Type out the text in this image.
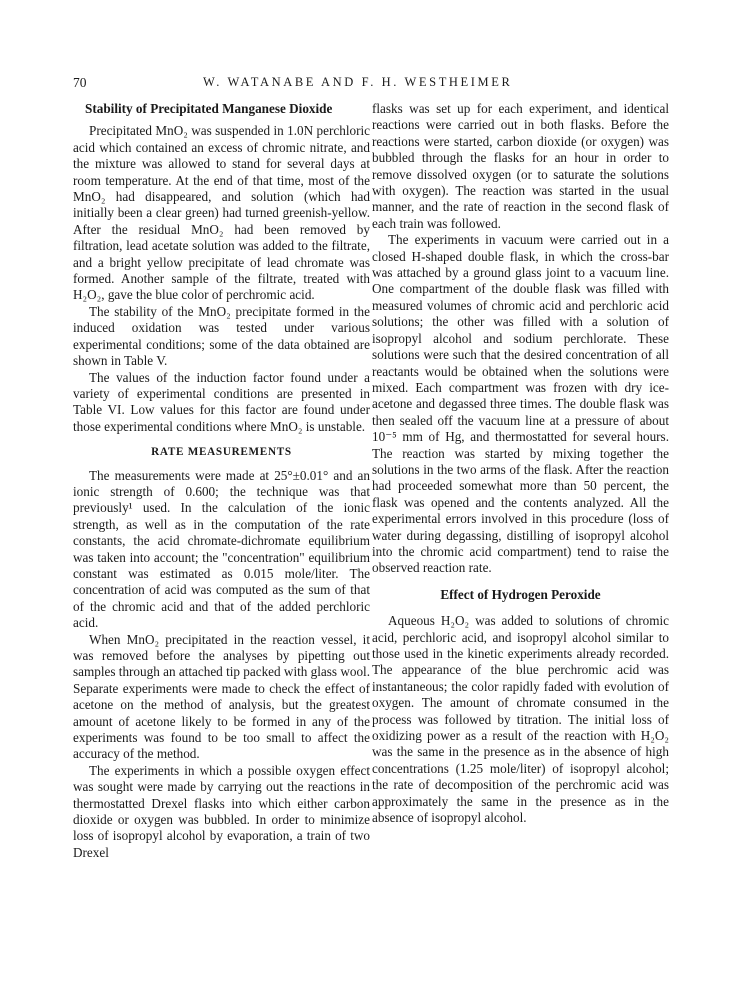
70	W. WATANABE AND F. H. WESTHEIMER
Stability of Precipitated Manganese Dioxide

Precipitated MnO₂ was suspended in 1.0N perchloric acid which contained an excess of chromic nitrate, and the mixture was allowed to stand for several days at room temperature. At the end of that time, most of the MnO₂ had disappeared, and solution (which had initially been a clear green) had turned greenish-yellow. After the residual MnO₂ had been removed by filtration, lead acetate solution was added to the filtrate, and a bright yellow precipitate of lead chromate was formed. Another sample of the filtrate, treated with H₂O₂, gave the blue color of perchromic acid.

The stability of the MnO₂ precipitate formed in the induced oxidation was tested under various experimental conditions; some of the data obtained are shown in Table V.

The values of the induction factor found under a variety of experimental conditions are presented in Table VI. Low values for this factor are found under those experimental conditions where MnO₂ is unstable.

RATE MEASUREMENTS

The measurements were made at 25°±0.01° and an ionic strength of 0.600; the technique was that previously¹ used. In the calculation of the ionic strength, as well as in the computation of the rate constants, the acid chromate-dichromate equilibrium was taken into account; the "concentration" equilibrium constant was estimated as 0.015 mole/liter. The concentration of acid was computed as the sum of that of the chromic acid and that of the added perchloric acid.

When MnO₂ precipitated in the reaction vessel, it was removed before the analyses by pipetting out samples through an attached tip packed with glass wool. Separate experiments were made to check the effect of acetone on the method of analysis, but the greatest amount of acetone likely to be formed in any of the experiments was found to be too small to affect the accuracy of the method.

The experiments in which a possible oxygen effect was sought were made by carrying out the reactions in thermostatted Drexel flasks into which either carbon dioxide or oxygen was bubbled. In order to minimize loss of isopropyl alcohol by evaporation, a train of two Drexel

flasks was set up for each experiment, and identical reactions were carried out in both flasks. Before the reactions were started, carbon dioxide (or oxygen) was bubbled through the flasks for an hour in order to remove dissolved oxygen (or to saturate the solutions with oxygen). The reaction was started in the usual manner, and the rate of reaction in the second flask of each train was followed.

The experiments in vacuum were carried out in a closed H-shaped double flask, in which the cross-bar was attached by a ground glass joint to a vacuum line. One compartment of the double flask was filled with measured volumes of chromic acid and perchloric acid solutions; the other was filled with a solution of isopropyl alcohol and sodium perchlorate. These solutions were such that the desired concentration of all reactants would be obtained when the solutions were mixed. Each compartment was frozen with dry ice-acetone and degassed three times. The double flask was then sealed off the vacuum line at a pressure of about 10⁻⁵ mm of Hg, and thermostatted for several hours. The reaction was started by mixing together the solutions in the two arms of the flask. After the reaction had proceeded somewhat more than 50 percent, the flask was opened and the contents analyzed. All the experimental errors involved in this procedure (loss of water during degassing, distilling of isopropyl alcohol into the chromic acid compartment) tend to raise the observed reaction rate.

Effect of Hydrogen Peroxide

Aqueous H₂O₂ was added to solutions of chromic acid, perchloric acid, and isopropyl alcohol similar to those used in the kinetic experiments already recorded. The appearance of the blue perchromic acid was instantaneous; the color rapidly faded with evolution of oxygen. The amount of chromate consumed in the process was followed by titration. The initial loss of oxidizing power as a result of the reaction with H₂O₂ was the same in the presence as in the absence of high concentrations (1.25 mole/liter) of isopropyl alcohol; the rate of decomposition of the perchromic acid was approximately the same in the presence as in the absence of isopropyl alcohol.
